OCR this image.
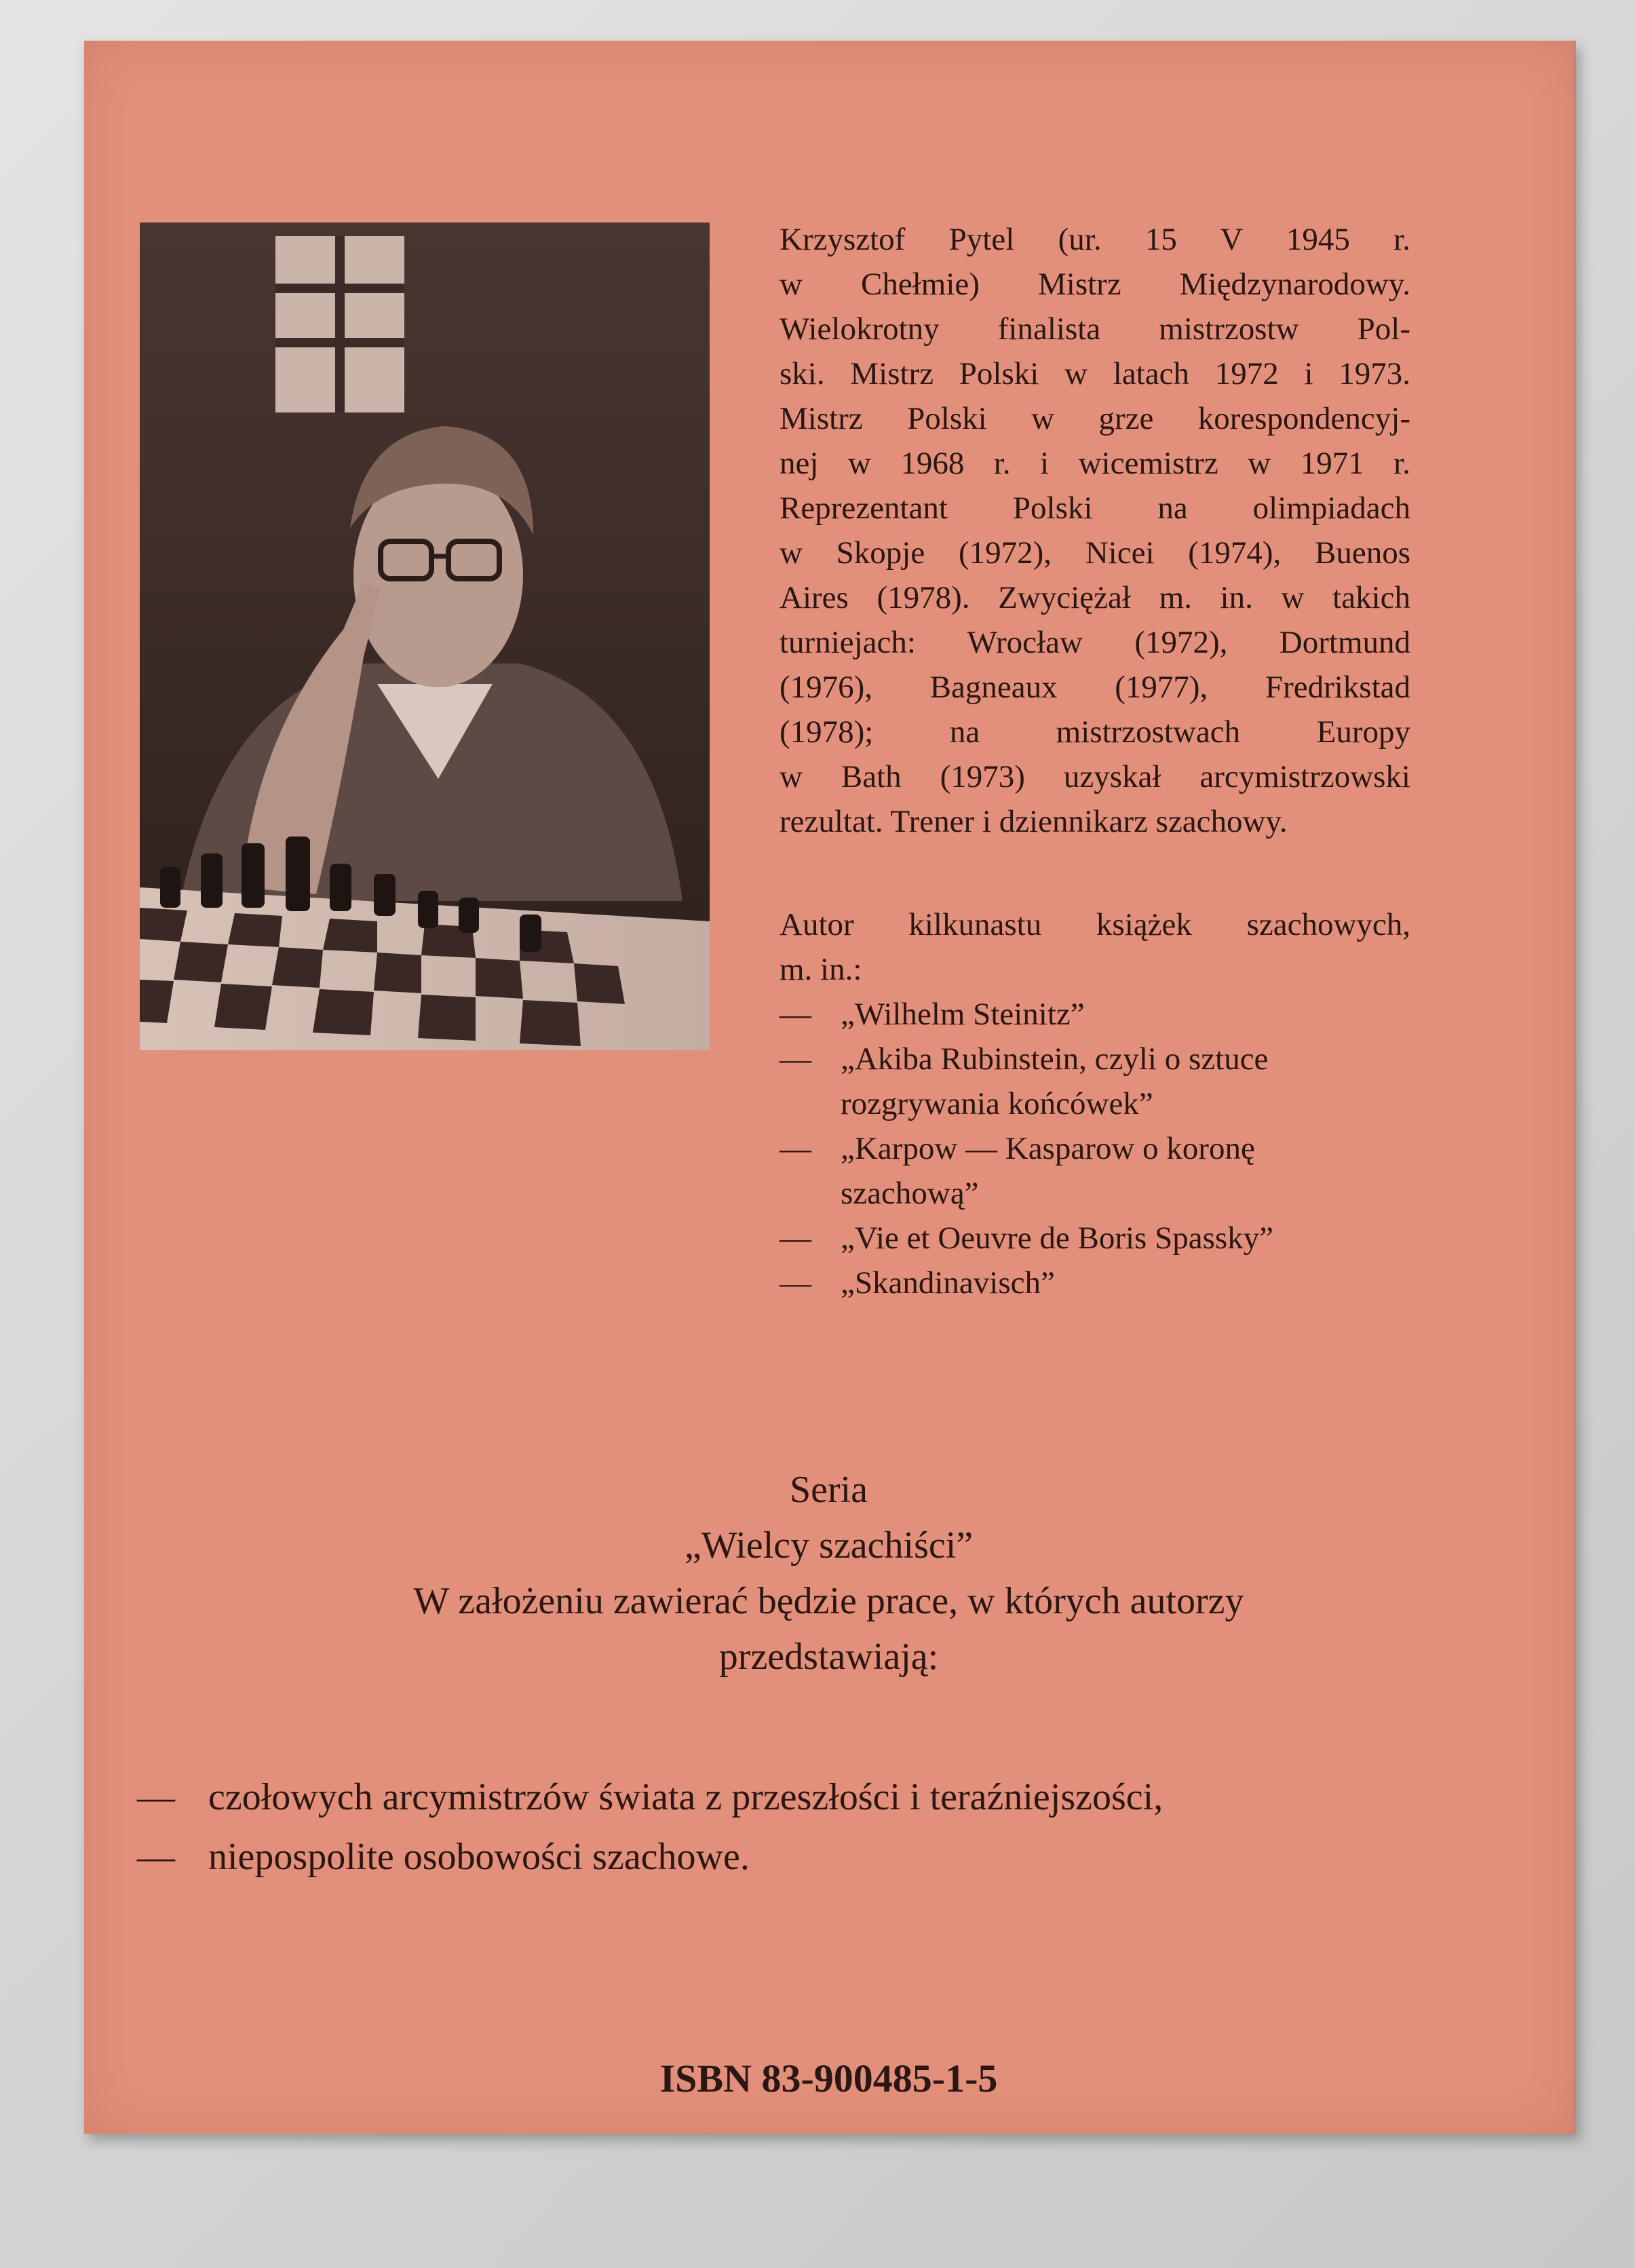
Krzysztof Pytel (ur. 15 V 1945 r.
w Chełmie) Mistrz Międzynarodowy.
Wielokrotny finalista mistrzostw Pol-
ski. Mistrz Polski w latach 1972 i 1973.
Mistrz Polski w grze korespondencyj-
nej w 1968 r. i wicemistrz w 1971 r.
Reprezentant Polski na olimpiadach
w Skopje (1972), Nicei (1974), Buenos
Aires (1978). Zwyciężał m. in. w takich
turniejach: Wrocław (1972), Dortmund
(1976), Bagneaux (1977), Fredrikstad
(1978); na mistrzostwach Europy
w Bath (1973) uzyskał arcymistrzowski
rezultat. Trener i dziennikarz szachowy.
Autor kilkunastu książek szachowych,
m. in.:
— „Wilhelm Steinitz”
— „Akiba Rubinstein, czyli o sztuce
rozgrywania końcówek”
— „Karpow — Kasparow o koronę
szachową”
— „Vie et Oeuvre de Boris Spassky”
— „Skandinavisch”
Seria
„Wielcy szachiści”
W założeniu zawierać będzie prace, w których autorzy
przedstawiają:
— czołowych arcymistrzów świata z przeszłości i teraźniejszości,
— niepospolite osobowości szachowe.
ISBN 83-900485-1-5
